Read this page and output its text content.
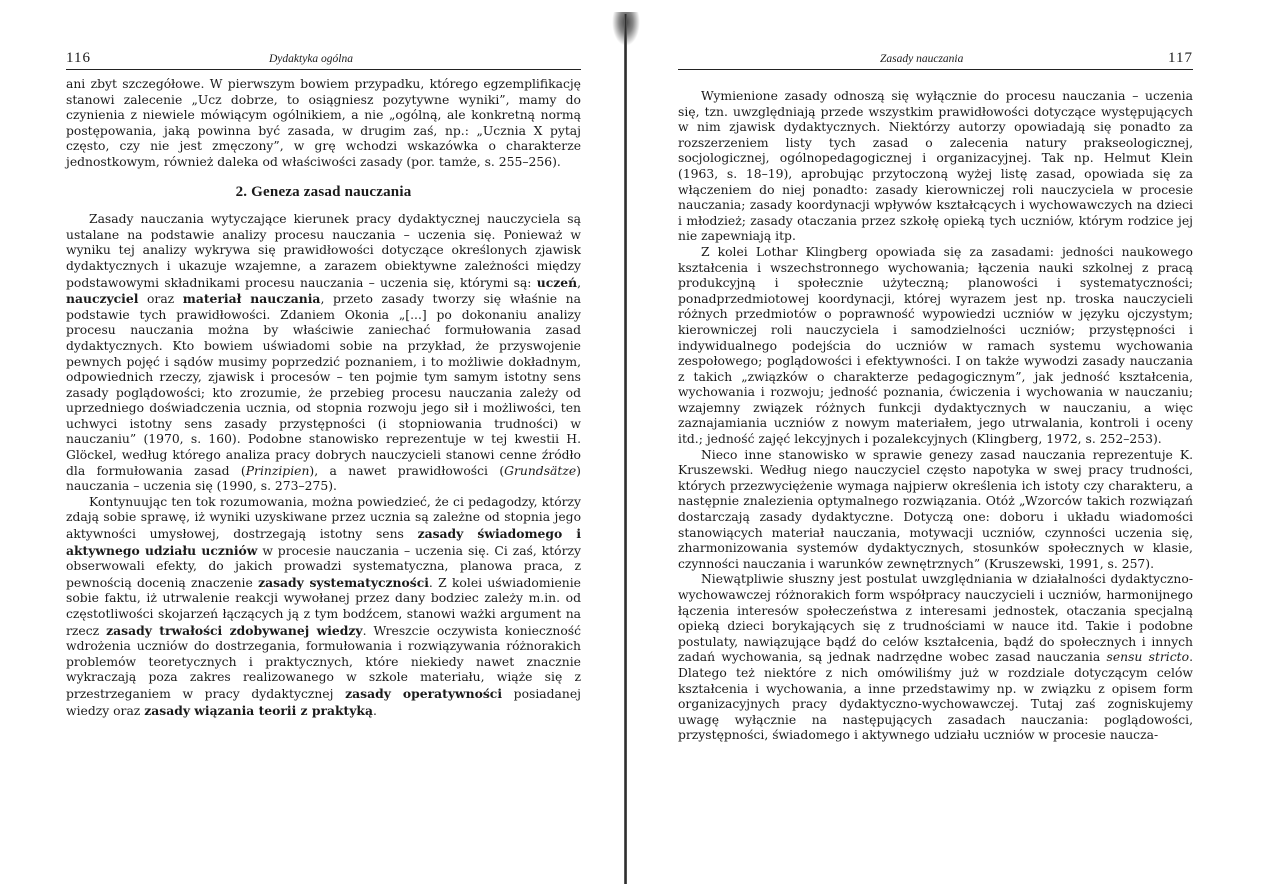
116	Dydaktyka ogólna

ani zbyt szczegółowe. W pierwszym bowiem przypadku, którego egzemplifikację stanowi zalecenie „Ucz dobrze, to osiągniesz pozytywne wyniki”, mamy do czynienia z niewiele mówiącym ogólnikiem, a nie „ogólną, ale konkretną normą postępowania, jaką powinna być zasada, w drugim zaś, np.: „Ucznia X pytaj często, czy nie jest zmęczony”, w grę wchodzi wskazówka o charakterze jednostkowym, również daleka od właściwości zasady (por. tamże, s. 255–256).

2. Geneza zasad nauczania

Zasady nauczania wytyczające kierunek pracy dydaktycznej nauczyciela są ustalane na podstawie analizy procesu nauczania – uczenia się. Ponieważ w wyniku tej analizy wykrywa się prawidłowości dotyczące określonych zjawisk dydaktycznych i ukazuje wzajemne, a zarazem obiektywne zależności między podstawowymi składnikami procesu nauczania – uczenia się, którymi są: uczeń, nauczyciel oraz materiał nauczania, przeto zasady tworzy się właśnie na podstawie tych prawidłowości. Zdaniem Okonia „[...] po dokonaniu analizy procesu nauczania można by właściwie zaniechać formułowania zasad dydaktycznych. Kto bowiem uświadomi sobie na przykład, że przyswojenie pewnych pojęć i sądów musimy poprzedzić poznaniem, i to możliwie dokładnym, odpowiednich rzeczy, zjawisk i procesów – ten pojmie tym samym istotny sens zasady poglądowości; kto zrozumie, że przebieg procesu nauczania zależy od uprzedniego doświadczenia ucznia, od stopnia rozwoju jego sił i możliwości, ten uchwyci istotny sens zasady przystępności (i stopniowania trudności) w nauczaniu” (1970, s. 160). Podobne stanowisko reprezentuje w tej kwestii H. Glöckel, według którego analiza pracy dobrych nauczycieli stanowi cenne źródło dla formułowania zasad (Prinzipien), a nawet prawidłowości (Grundsätze) nauczania – uczenia się (1990, s. 273–275).

Kontynuując ten tok rozumowania, można powiedzieć, że ci pedagodzy, którzy zdają sobie sprawę, iż wyniki uzyskiwane przez ucznia są zależne od stopnia jego aktywności umysłowej, dostrzegają istotny sens zasady świadomego i aktywnego udziału uczniów w procesie nauczania – uczenia się. Ci zaś, którzy obserwowali efekty, do jakich prowadzi systematyczna, planowa praca, z pewnością docenią znaczenie zasady systematyczności. Z kolei uświadomienie sobie faktu, iż utrwalenie reakcji wywołanej przez dany bodziec zależy m.in. od częstotliwości skojarzeń łączących ją z tym bodźcem, stanowi ważki argument na rzecz zasady trwałości zdobywanej wiedzy. Wreszcie oczywista konieczność wdrożenia uczniów do dostrzegania, formułowania i rozwiązywania różnorakich problemów teoretycznych i praktycznych, które niekiedy nawet znacznie wykraczają poza zakres realizowanego w szkole materiału, wiąże się z przestrzeganiem w pracy dydaktycznej zasady operatywności posiadanej wiedzy oraz zasady wiązania teorii z praktyką.

Zasady nauczania	117

Wymienione zasady odnoszą się wyłącznie do procesu nauczania – uczenia się, tzn. uwzględniają przede wszystkim prawidłowości dotyczące występujących w nim zjawisk dydaktycznych. Niektórzy autorzy opowiadają się ponadto za rozszerzeniem listy tych zasad o zalecenia natury prakseologicznej, socjologicznej, ogólnopedagogicznej i organizacyjnej. Tak np. Helmut Klein (1963, s. 18–19), aprobując przytoczoną wyżej listę zasad, opowiada się za włączeniem do niej ponadto: zasady kierowniczej roli nauczyciela w procesie nauczania; zasady koordynacji wpływów kształcących i wychowawczych na dzieci i młodzież; zasady otaczania przez szkołę opieką tych uczniów, którym rodzice jej nie zapewniają itp.

Z kolei Lothar Klingberg opowiada się za zasadami: jedności naukowego kształcenia i wszechstronnego wychowania; łączenia nauki szkolnej z pracą produkcyjną i społecznie użyteczną; planowości i systematyczności; ponadprzedmiotowej koordynacji, której wyrazem jest np. troska nauczycieli różnych przedmiotów o poprawność wypowiedzi uczniów w języku ojczystym; kierowniczej roli nauczyciela i samodzielności uczniów; przystępności i indywidualnego podejścia do uczniów w ramach systemu wychowania zespołowego; poglądowości i efektywności. I on także wywodzi zasady nauczania z takich „związków o charakterze pedagogicznym”, jak jedność kształcenia, wychowania i rozwoju; jedność poznania, ćwiczenia i wychowania w nauczaniu; wzajemny związek różnych funkcji dydaktycznych w nauczaniu, a więc zaznajamiania uczniów z nowym materiałem, jego utrwalania, kontroli i oceny itd.; jedność zajęć lekcyjnych i pozalekcyjnych (Klingberg, 1972, s. 252–253).

Nieco inne stanowisko w sprawie genezy zasad nauczania reprezentuje K. Kruszewski. Według niego nauczyciel często napotyka w swej pracy trudności, których przezwyciężenie wymaga najpierw określenia ich istoty czy charakteru, a następnie znalezienia optymalnego rozwiązania. Otóż „Wzorców takich rozwiązań dostarczają zasady dydaktyczne. Dotyczą one: doboru i układu wiadomości stanowiących materiał nauczania, motywacji uczniów, czynności uczenia się, zharmonizowania systemów dydaktycznych, stosunków społecznych w klasie, czynności nauczania i warunków zewnętrznych” (Kruszewski, 1991, s. 257).

Niewątpliwie słuszny jest postulat uwzględniania w działalności dydaktyczno-wychowawczej różnorakich form współpracy nauczycieli i uczniów, harmonijnego łączenia interesów społeczeństwa z interesami jednostek, otaczania specjalną opieką dzieci borykających się z trudnościami w nauce itd. Takie i podobne postulaty, nawiązujące bądź do celów kształcenia, bądź do społecznych i innych zadań wychowania, są jednak nadrzędne wobec zasad nauczania sensu stricto. Dlatego też niektóre z nich omówiliśmy już w rozdziale dotyczącym celów kształcenia i wychowania, a inne przedstawimy np. w związku z opisem form organizacyjnych pracy dydaktyczno-wychowawczej. Tutaj zaś zogniskujemy uwagę wyłącznie na następujących zasadach nauczania: poglądowości, przystępności, świadomego i aktywnego udziału uczniów w procesie naucza-
